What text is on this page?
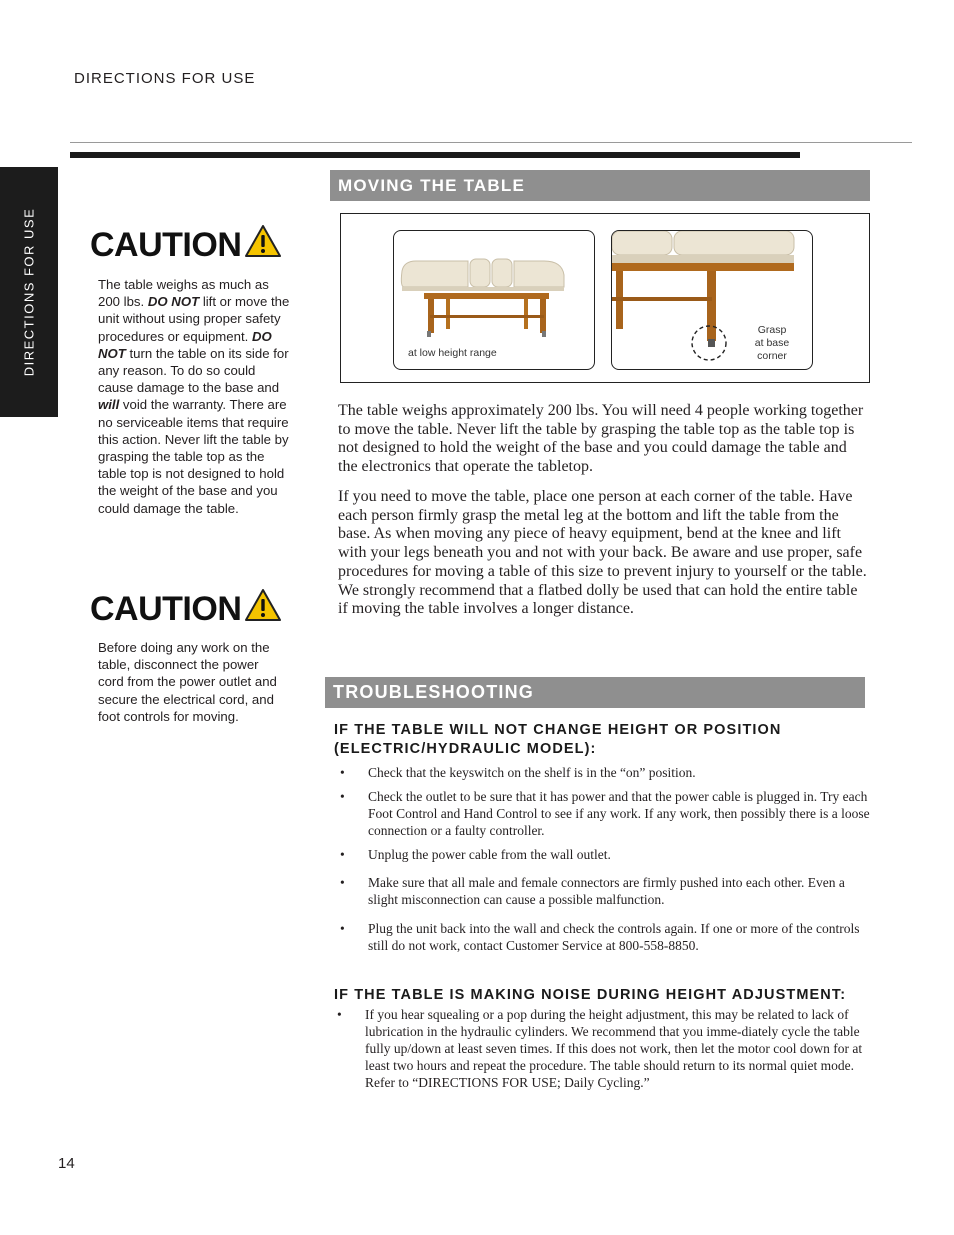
DIRECTIONS FOR USE
DIRECTIONS FOR USE CAUTION
The table weighs as much as 200 lbs. DO NOT lift or move the unit without using proper safety procedures or equipment. DO NOT turn the table on its side for any reason. To do so could cause damage to the base and will void the warranty. There are no serviceable items that require this action. Never lift the table by grasping the table top as the table top is not designed to hold the weight of the base and you could damage the table.
CAUTION
Before doing any work on the table, disconnect the power cord from the power outlet and secure the electrical cord, and foot controls for moving.
MOVING THE TABLE
at low height range
Grasp
at base
corner
The table weighs approximately 200 lbs. You will need 4 people working together to move the table. Never lift the table by grasping the table top as the table top is not designed to hold the weight of the base and you could damage the table and the electronics that operate the tabletop.
If you need to move the table, place one person at each corner of the table. Have each person firmly grasp the metal leg at the bottom and lift the table from the base. As when moving any piece of heavy equipment, bend at the knee and lift with your legs beneath you and not with your back. Be aware and use proper, safe procedures for moving a table of this size to prevent injury to yourself or the table. We strongly recommend that a flatbed dolly be used that can hold the entire table if moving the table involves a longer distance.
TROUBLESHOOTING
IF THE TABLE WILL NOT CHANGE HEIGHT OR POSITION (ELECTRIC/HYDRAULIC MODEL):
• Check that the keyswitch on the shelf is in the “on” position.
• Check the outlet to be sure that it has power and that the power cable is plugged in. Try each Foot Control and Hand Control to see if any work. If any work, then possibly there is a loose connection or a faulty controller.
• Unplug the power cable from the wall outlet.
• Make sure that all male and female connectors are firmly pushed into each other. Even a slight misconnection can cause a possible malfunction.
• Plug the unit back into the wall and check the controls again. If one or more of the controls still do not work, contact Customer Service at 800-558-8850.
IF THE TABLE IS MAKING NOISE DURING HEIGHT ADJUSTMENT:
• If you hear squealing or a pop during the height adjustment, this may be related to lack of lubrication in the hydraulic cylinders. We recommend that you imme-diately cycle the table fully up/down at least seven times. If this does not work, then let the motor cool down for at least two hours and repeat the procedure. The table should return to its normal quiet mode. Refer to “DIRECTIONS FOR USE; Daily Cycling.”
14
